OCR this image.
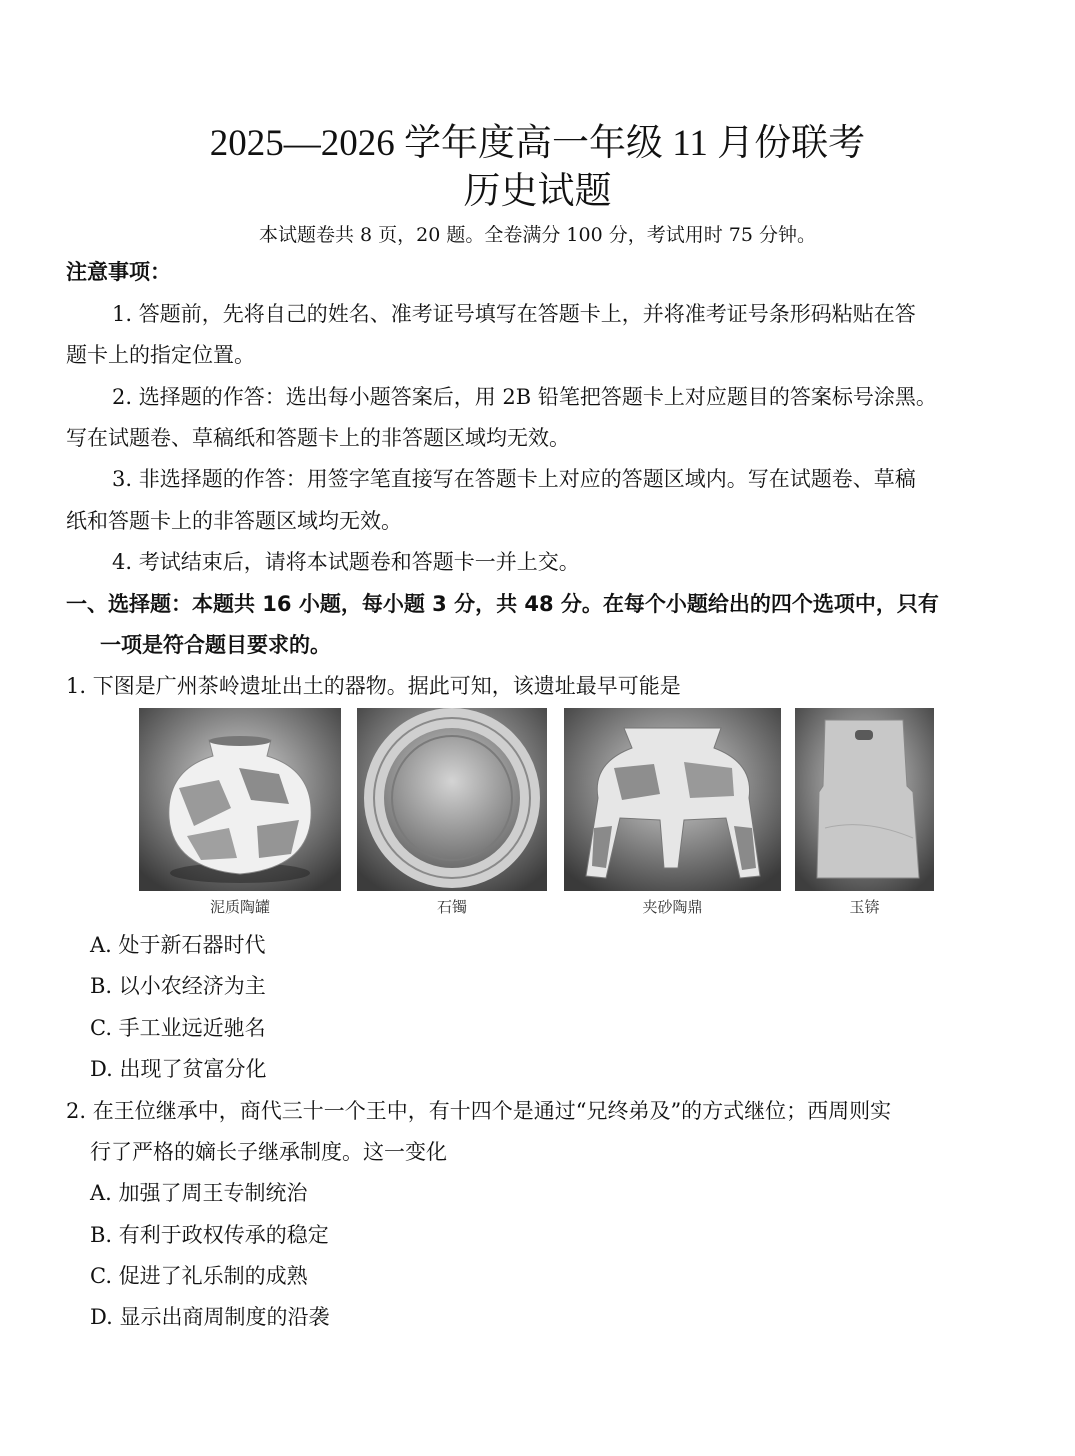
2025—2026 学年度高一年级 11 月份联考
历史试题
本试题卷共 8 页，20 题。全卷满分 100 分，考试用时 75 分钟。
注意事项：
1. 答题前，先将自己的姓名、准考证号填写在答题卡上，并将准考证号条形码粘贴在答
题卡上的指定位置。
2. 选择题的作答：选出每小题答案后，用 2B 铅笔把答题卡上对应题目的答案标号涂黑。
写在试题卷、草稿纸和答题卡上的非答题区域均无效。
3. 非选择题的作答：用签字笔直接写在答题卡上对应的答题区域内。写在试题卷、草稿
纸和答题卡上的非答题区域均无效。
4. 考试结束后，请将本试题卷和答题卡一并上交。
一、选择题：本题共 16 小题，每小题 3 分，共 48 分。在每个小题给出的四个选项中，只有
一项是符合题目要求的。
1. 下图是广州茶岭遗址出土的器物。据此可知，该遗址最早可能是
泥质陶罐	石镯	夹砂陶鼎	玉锛
A. 处于新石器时代
B. 以小农经济为主
C. 手工业远近驰名
D. 出现了贫富分化
2. 在王位继承中，商代三十一个王中，有十四个是通过“兄终弟及”的方式继位；西周则实
行了严格的嫡长子继承制度。这一变化
A. 加强了周王专制统治
B. 有利于政权传承的稳定
C. 促进了礼乐制的成熟
D. 显示出商周制度的沿袭
